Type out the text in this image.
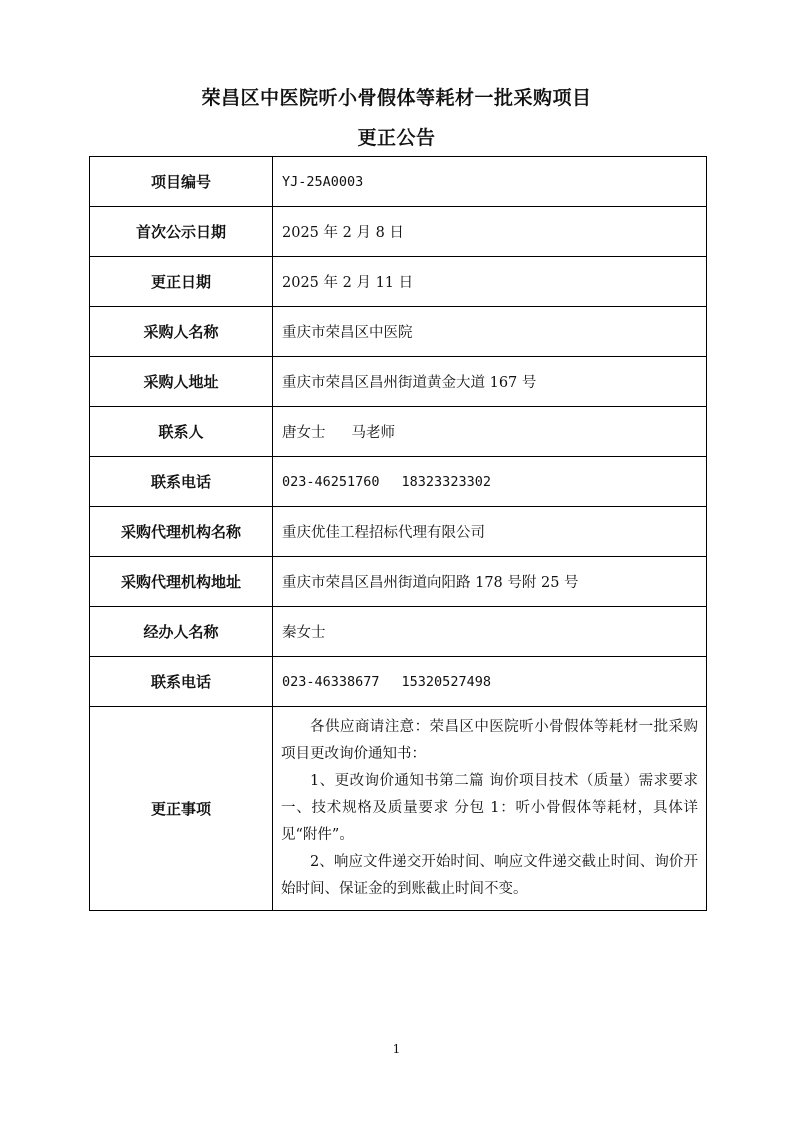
荣昌区中医院听小骨假体等耗材一批采购项目
更正公告
项目编号	YJ-25A0003
首次公示日期	2025 年 2 月 8 日
更正日期	2025 年 2 月 11 日
采购人名称	重庆市荣昌区中医院
采购人地址	重庆市荣昌区昌州街道黄金大道 167 号
联系人	唐女士 马老师
联系电话	023-46251760 18323323302
采购代理机构名称	重庆优佳工程招标代理有限公司
采购代理机构地址	重庆市荣昌区昌州街道向阳路 178 号附 25 号
经办人名称	秦女士
联系电话	023-46338677 15320527498
更正事项	各供应商请注意：荣昌区中医院听小骨假体等耗材一批采购项目更改询价通知书：

1、更改询价通知书第二篇 询价项目技术（质量）需求要求一、技术规格及质量要求 分包 1：听小骨假体等耗材，具体详见“附件”。

2、响应文件递交开始时间、响应文件递交截止时间、询价开始时间、保证金的到账截止时间不变。

1
